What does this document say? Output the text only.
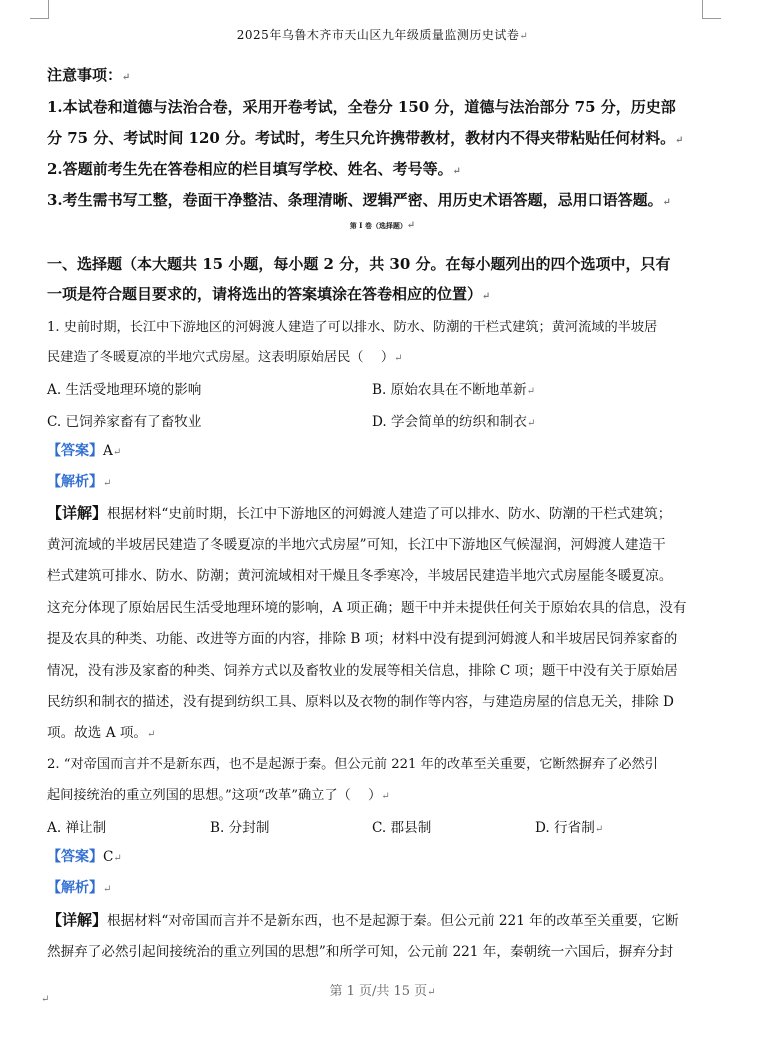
2025年乌鲁木齐市天山区九年级质量监测历史试卷↵
注意事项：↵
1.本试卷和道德与法治合卷，采用开卷考试，全卷分 150 分，道德与法治部分 75 分，历史部
分 75 分、考试时间 120 分。考试时，考生只允许携带教材，教材内不得夹带粘贴任何材料。↵
2.答题前考生先在答卷相应的栏目填写学校、姓名、考号等。↵
3.考生需书写工整，卷面干净整洁、条理清晰、逻辑严密、用历史术语答题，忌用口语答题。↵
第 I 卷（选择题）↵
一、选择题（本大题共 15 小题，每小题 2 分，共 30 分。在每小题列出的四个选项中，只有
一项是符合题目要求的，请将选出的答案填涂在答卷相应的位置）↵
1. 史前时期，长江中下游地区的河姆渡人建造了可以排水、防水、防潮的干栏式建筑；黄河流域的半坡居
民建造了冬暖夏凉的半地穴式房屋。这表明原始居民（　 ）↵
A. 生活受地理环境的影响	B. 原始农具在不断地革新↵
C. 已饲养家畜有了畜牧业	D. 学会简单的纺织和制衣↵
【答案】A↵
【解析】↵
【详解】根据材料“史前时期，长江中下游地区的河姆渡人建造了可以排水、防水、防潮的干栏式建筑；
黄河流域的半坡居民建造了冬暖夏凉的半地穴式房屋”可知，长江中下游地区气候湿润，河姆渡人建造干
栏式建筑可排水、防水、防潮；黄河流域相对干燥且冬季寒冷，半坡居民建造半地穴式房屋能冬暖夏凉。
这充分体现了原始居民生活受地理环境的影响，A 项正确；题干中并未提供任何关于原始农具的信息，没有
提及农具的种类、功能、改进等方面的内容，排除 B 项；材料中没有提到河姆渡人和半坡居民饲养家畜的
情况，没有涉及家畜的种类、饲养方式以及畜牧业的发展等相关信息，排除 C 项；题干中没有关于原始居
民纺织和制衣的描述，没有提到纺织工具、原料以及衣物的制作等内容，与建造房屋的信息无关，排除 D
项。故选 A 项。↵
2. “对帝国而言并不是新东西，也不是起源于秦。但公元前 221 年的改革至关重要，它断然摒弃了必然引
起间接统治的重立列国的思想。”这项“改革”确立了（　 ）↵
A. 禅让制	B. 分封制	C. 郡县制	D. 行省制↵
【答案】C↵
【解析】↵
【详解】根据材料“对帝国而言并不是新东西，也不是起源于秦。但公元前 221 年的改革至关重要，它断
然摒弃了必然引起间接统治的重立列国的思想”和所学可知，公元前 221 年，秦朝统一六国后，摒弃分封
第 1 页/共 15 页↵
↵
